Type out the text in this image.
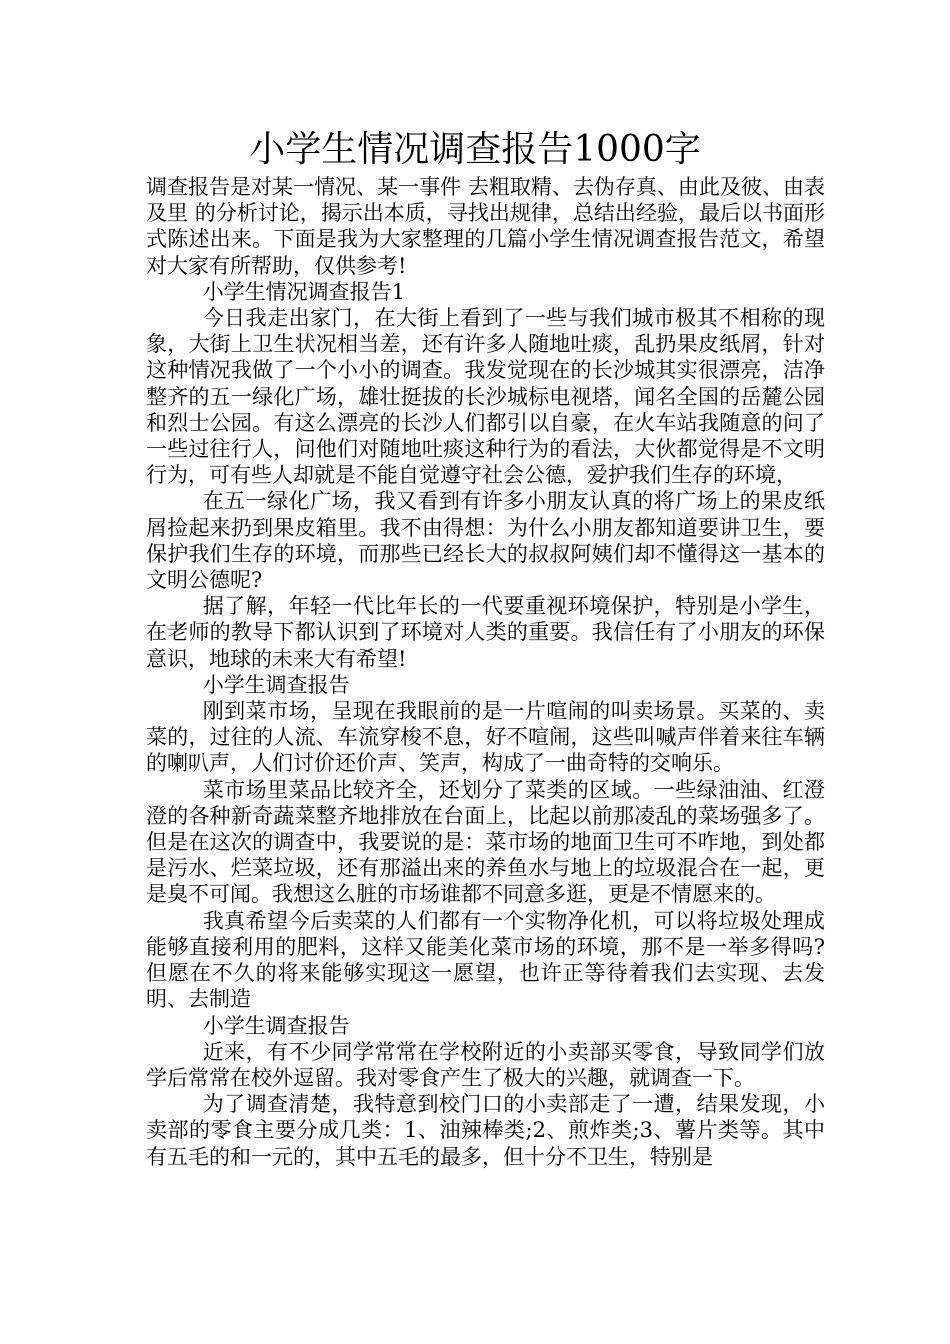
小学生情况调查报告1000字

调查报告是对某一情况、某一事件 去粗取精、去伪存真、由此及彼、由表及里 的分析讨论，揭示出本质，寻找出规律，总结出经验，最后以书面形式陈述出来。下面是我为大家整理的几篇小学生情况调查报告范文，希望对大家有所帮助，仅供参考!

小学生情况调查报告1

今日我走出家门，在大街上看到了一些与我们城市极其不相称的现象，大街上卫生状况相当差，还有许多人随地吐痰，乱扔果皮纸屑，针对这种情况我做了一个小小的调查。我发觉现在的长沙城其实很漂亮，洁净整齐的五一绿化广场，雄壮挺拔的长沙城标电视塔，闻名全国的岳麓公园和烈士公园。有这么漂亮的长沙人们都引以自豪，在火车站我随意的问了一些过往行人，问他们对随地吐痰这种行为的看法，大伙都觉得是不文明行为，可有些人却就是不能自觉遵守社会公德，爱护我们生存的环境，

在五一绿化广场，我又看到有许多小朋友认真的将广场上的果皮纸屑捡起来扔到果皮箱里。我不由得想：为什么小朋友都知道要讲卫生，要保护我们生存的环境，而那些已经长大的叔叔阿姨们却不懂得这一基本的文明公德呢?

据了解，年轻一代比年长的一代要重视环境保护，特别是小学生，在老师的教导下都认识到了环境对人类的重要。我信任有了小朋友的环保意识，地球的未来大有希望!

小学生调查报告

刚到菜市场，呈现在我眼前的是一片喧闹的叫卖场景。买菜的、卖菜的，过往的人流、车流穿梭不息，好不喧闹，这些叫喊声伴着来往车辆的喇叭声，人们讨价还价声、笑声，构成了一曲奇特的交响乐。

菜市场里菜品比较齐全，还划分了菜类的区域。一些绿油油、红澄澄的各种新奇蔬菜整齐地排放在台面上，比起以前那凌乱的菜场强多了。但是在这次的调查中，我要说的是：菜市场的地面卫生可不咋地，到处都是污水、烂菜垃圾，还有那溢出来的养鱼水与地上的垃圾混合在一起，更是臭不可闻。我想这么脏的市场谁都不同意多逛，更是不情愿来的。

我真希望今后卖菜的人们都有一个实物净化机，可以将垃圾处理成能够直接利用的肥料，这样又能美化菜市场的环境，那不是一举多得吗?但愿在不久的将来能够实现这一愿望，也许正等待着我们去实现、去发明、去制造

小学生调查报告

近来，有不少同学常常在学校附近的小卖部买零食，导致同学们放学后常常在校外逗留。我对零食产生了极大的兴趣，就调查一下。

为了调查清楚，我特意到校门口的小卖部走了一遭，结果发现，小卖部的零食主要分成几类：1、油辣棒类;2、煎炸类;3、薯片类等。其中有五毛的和一元的，其中五毛的最多，但十分不卫生，特别是
